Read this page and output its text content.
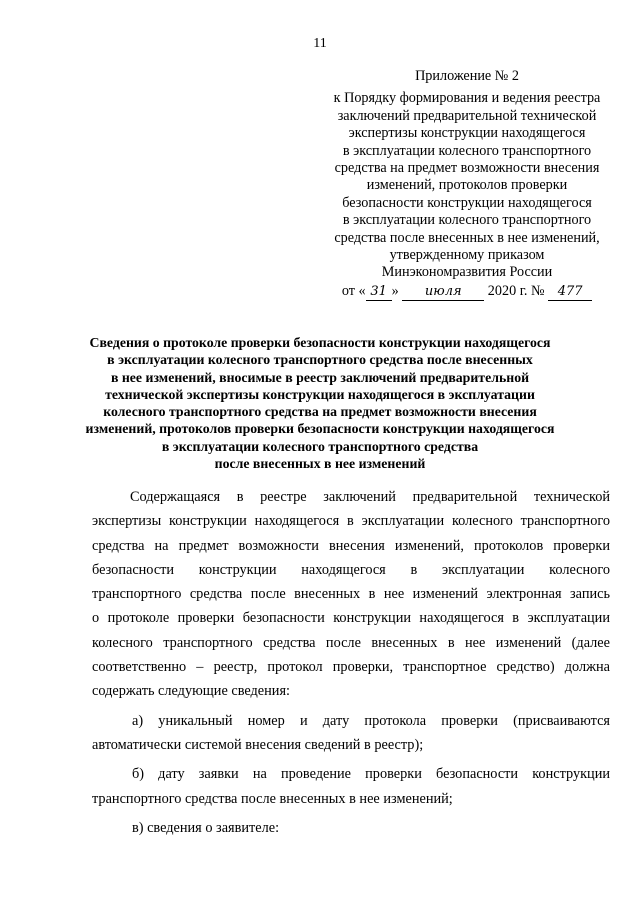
11
Приложение № 2
к Порядку формирования и ведения реестра
заключений предварительной технической
экспертизы конструкции находящегося
в эксплуатации колесного транспортного
средства на предмет возможности внесения
изменений, протоколов проверки
безопасности конструкции находящегося
в эксплуатации колесного транспортного
средства после внесенных в нее изменений,
утвержденному приказом
Минэкономразвития России
от « 31 » июля 2020 г. № 477
Сведения о протоколе проверки безопасности конструкции находящегося
в эксплуатации колесного транспортного средства после внесенных
в нее изменений, вносимые в реестр заключений предварительной
технической экспертизы конструкции находящегося в эксплуатации
колесного транспортного средства на предмет возможности внесения
изменений, протоколов проверки безопасности конструкции находящегося
в эксплуатации колесного транспортного средства
после внесенных в нее изменений
Содержащаяся в реестре заключений предварительной технической
экспертизы конструкции находящегося в эксплуатации колесного транспортного
средства на предмет возможности внесения изменений, протоколов проверки
безопасности конструкции находящегося в эксплуатации колесного
транспортного средства после внесенных в нее изменений электронная запись
о протоколе проверки безопасности конструкции находящегося в эксплуатации
колесного транспортного средства после внесенных в нее изменений (далее
соответственно – реестр, протокол проверки, транспортное средство) должна
содержать следующие сведения:
а) уникальный номер и дату протокола проверки (присваиваются
автоматически системой внесения сведений в реестр);
б) дату заявки на проведение проверки безопасности конструкции
транспортного средства после внесенных в нее изменений;
в) сведения о заявителе:
